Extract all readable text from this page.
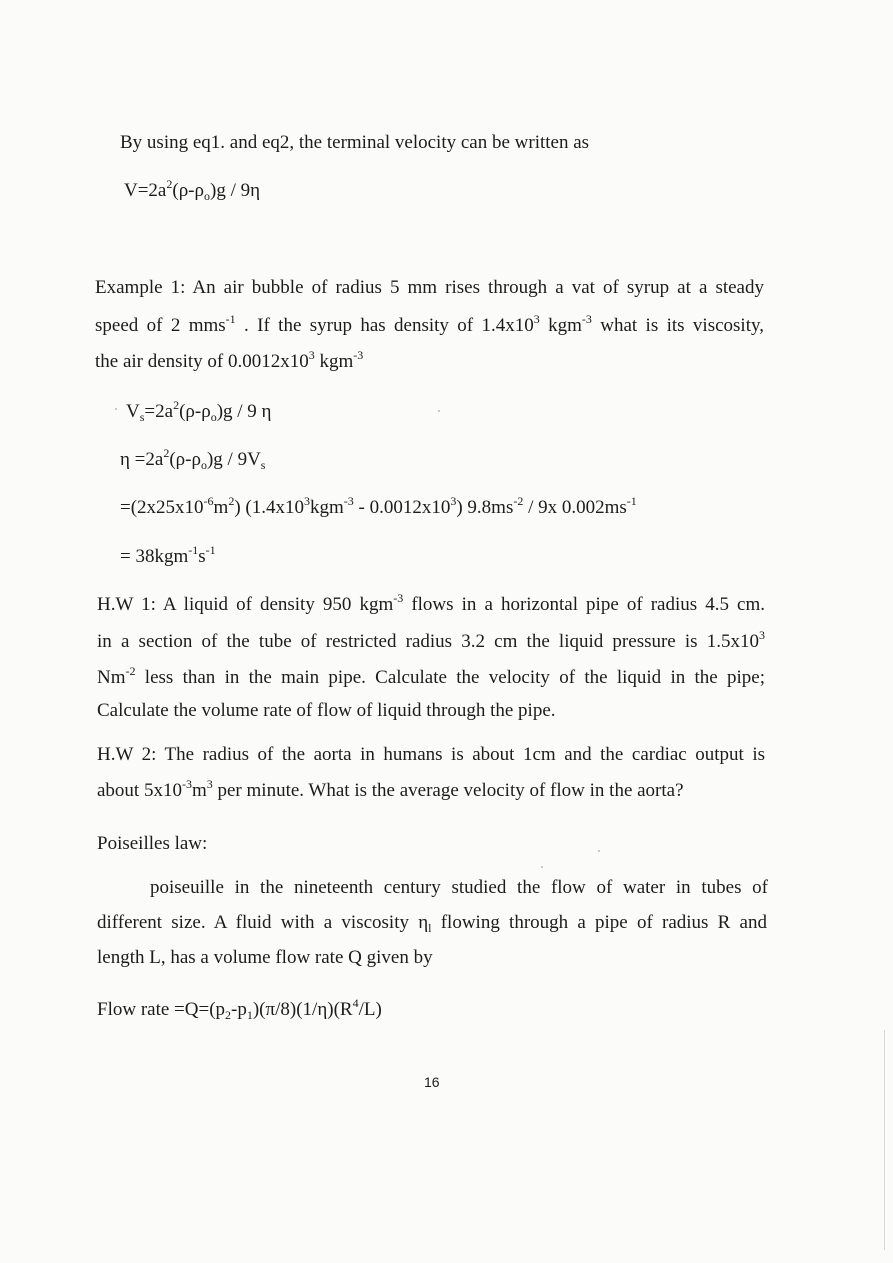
By using eq1. and eq2, the terminal velocity can be written as
$V=2a^2(\rho-\rho_o)g / 9\eta$
Example 1: An air bubble of radius 5 mm rises through a vat of syrup at a steady
speed of 2 mms$^{-1}$ . If the syrup has density of $1.4x10^3$ kgm$^{-3}$ what is its viscosity,
the air density of $0.0012x10^3$ kgm$^{-3}$
$V_s=2a^2(\rho-\rho_o)g / 9$ η
$\eta =2a^2(\rho-\rho_o)g / 9V_s$
$=(2x25x10^{-6}m^2)$ $(1.4x10^3kgm^{-3} - 0.0012x10^3)$ $9.8ms^{-2} / 9x$ $0.002ms^{-1}$
= $38kgm^{-1}s^{-1}$
H.W 1: A liquid of density 950 kgm$^{-3}$ flows in a horizontal pipe of radius 4.5 cm.
in a section of the tube of restricted radius 3.2 cm the liquid pressure is $1.5x10^3$
$Nm^{-2}$ less than in the main pipe. Calculate the velocity of the liquid in the pipe;
Calculate the volume rate of flow of liquid through the pipe.
H.W 2: The radius of the aorta in humans is about 1cm and the cardiac output is
about $5x10^{-3}m^3$ per minute. What is the average velocity of flow in the aorta?
Poiseilles law:
poiseuille in the nineteenth century studied the flow of water in tubes of
different size. A fluid with a viscosity $\eta_l$ flowing through a pipe of radius R and
length L, has a volume flow rate Q given by
Flow rate $=Q=(p_2-p_1)(\pi/8)(1/\eta)(R^4/L)$
16
